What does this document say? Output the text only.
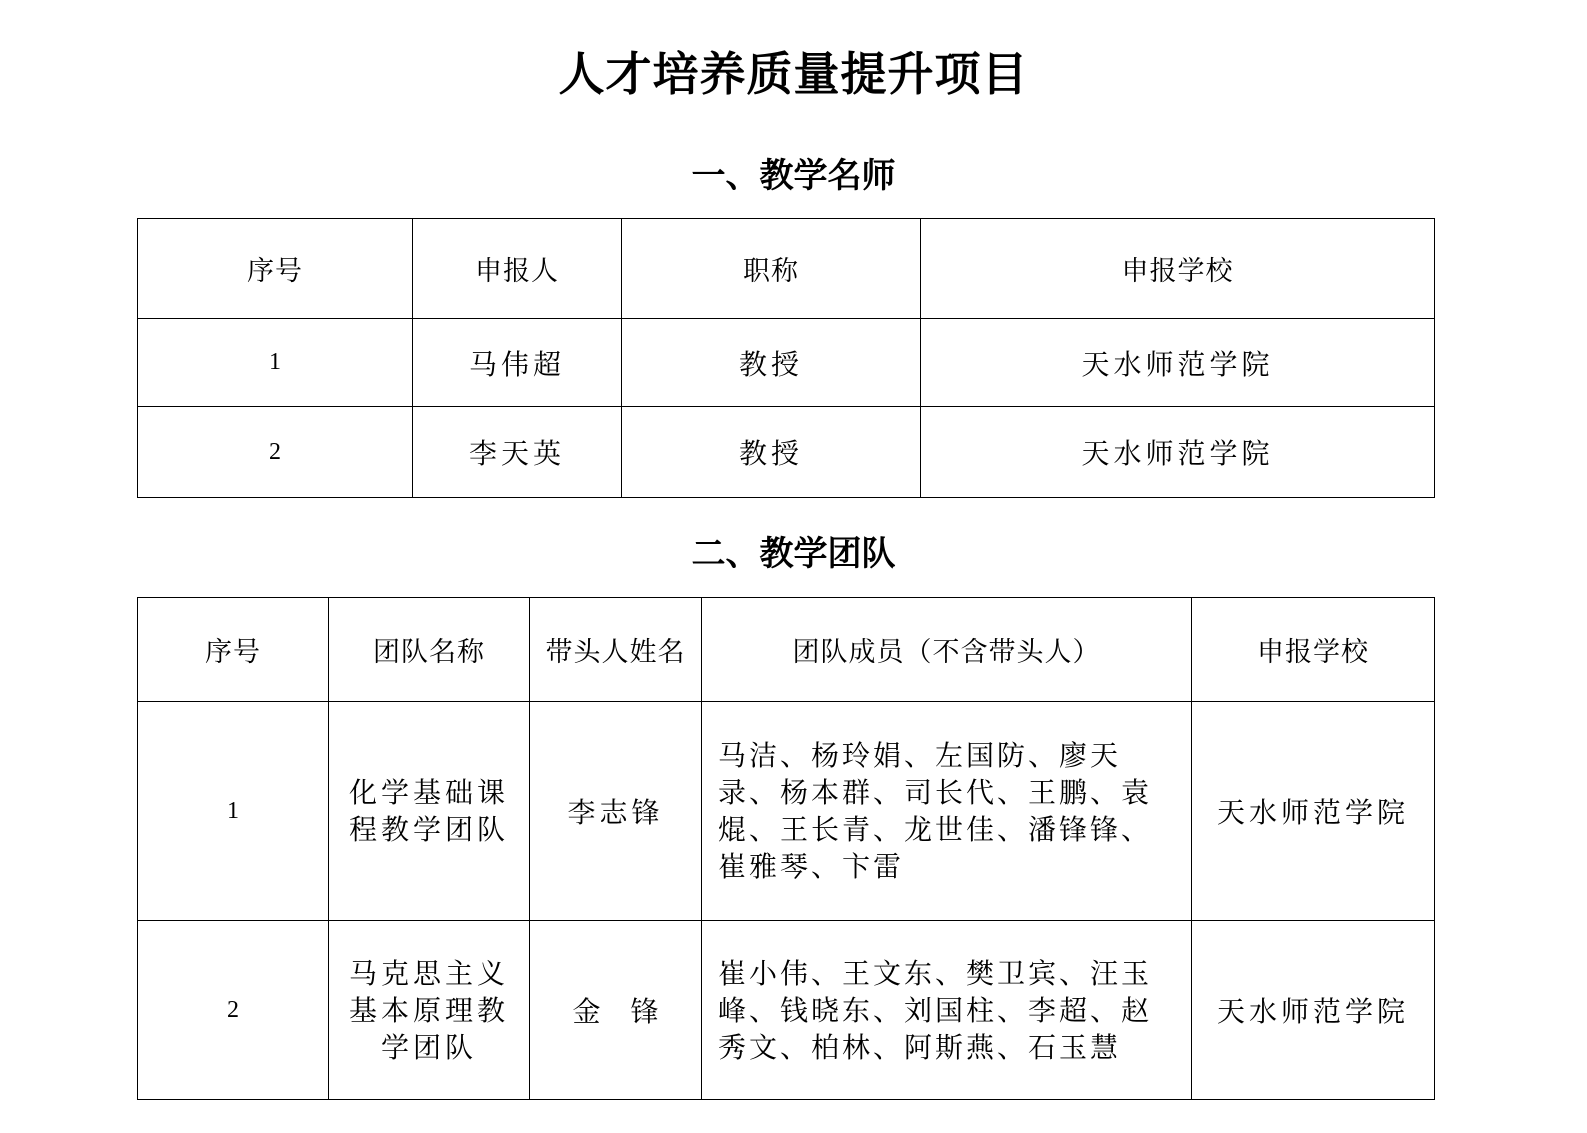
人才培养质量提升项目
一、教学名师
序号	申报人	职称	申报学校
1	马伟超	教授	天水师范学院
2	李天英	教授	天水师范学院
二、教学团队
序号	团队名称	带头人姓名	团队成员（不含带头人）	申报学校
1	化学基础课程教学团队	李志锋	马洁、杨玲娟、左国防、廖天录、杨本群、司长代、王鹏、袁焜、王长青、龙世佳、潘锋锋、崔雅琴、卞雷	天水师范学院
2	马克思主义基本原理教学团队	金锋	崔小伟、王文东、樊卫宾、汪玉峰、钱晓东、刘国柱、李超、赵秀文、柏林、阿斯燕、石玉慧	天水师范学院
